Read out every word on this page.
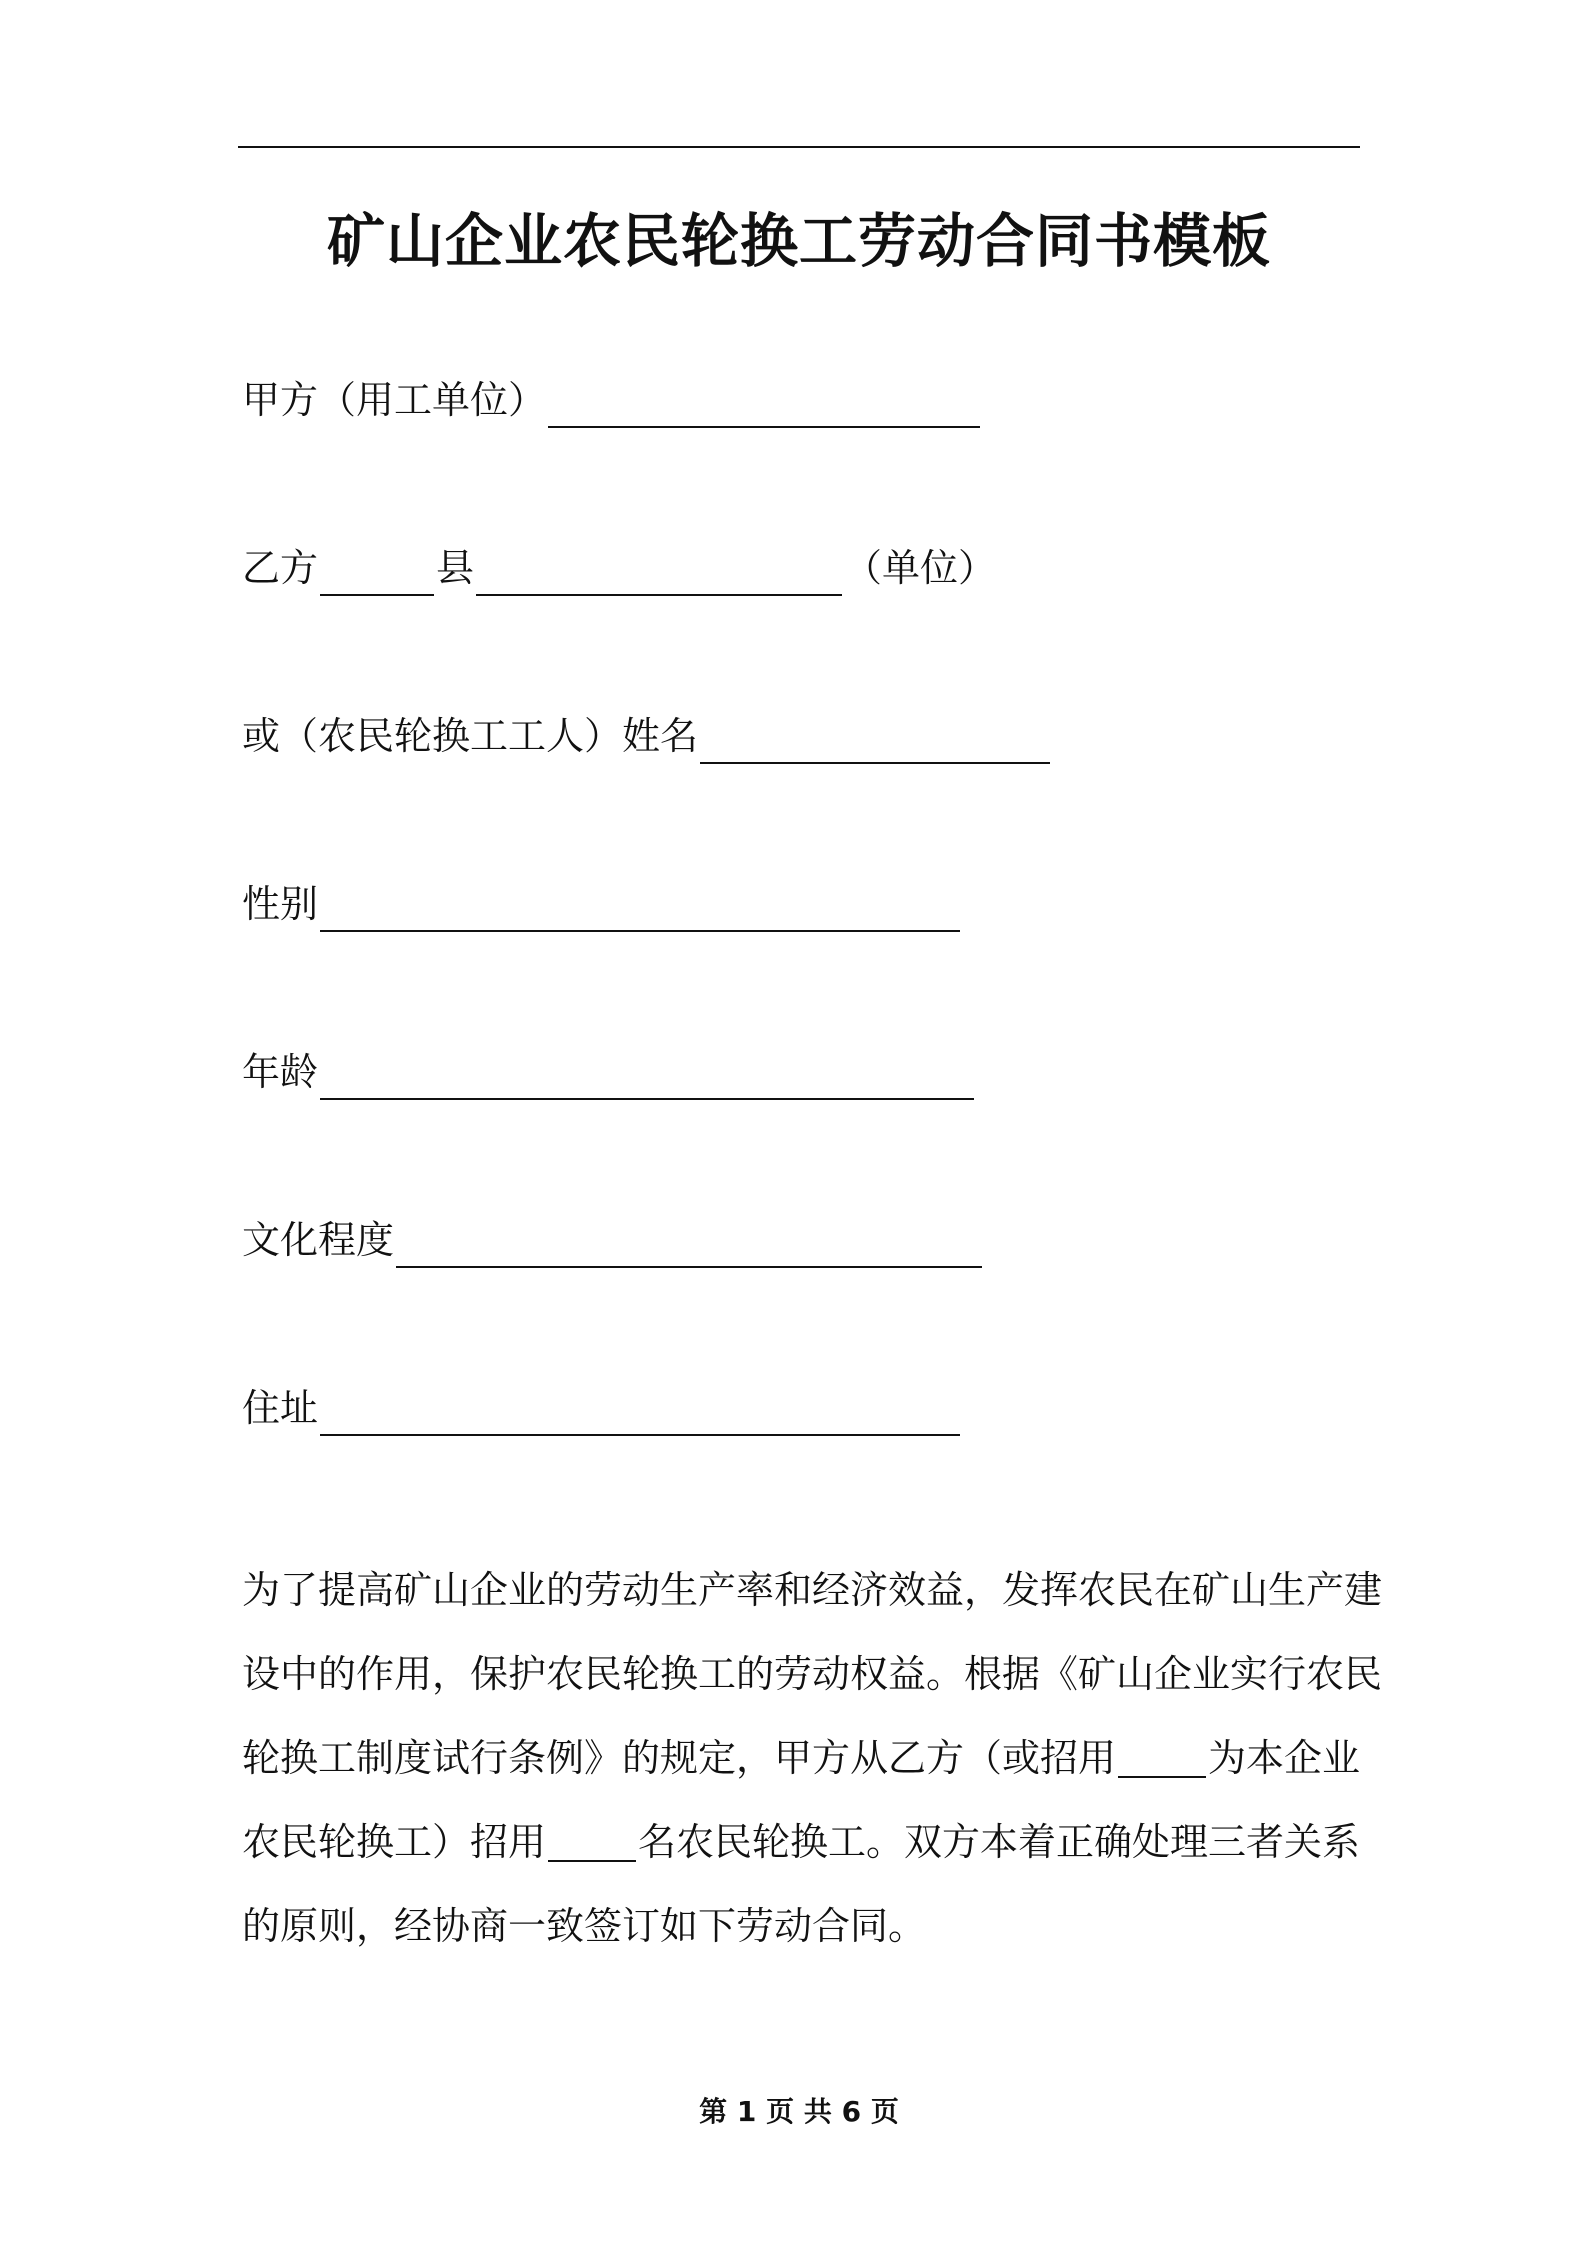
矿山企业农民轮换工劳动合同书模板
甲方（用工单位）
乙方	县	（单位）
或（农民轮换工工人）姓名
性别
年龄
文化程度
住址
为了提高矿山企业的劳动生产率和经济效益，发挥农民在矿山生产建
设中的作用，保护农民轮换工的劳动权益。根据《矿山企业实行农民
轮换工制度试行条例》的规定，甲方从乙方（或招用 为本企业
农民轮换工）招用 名农民轮换工。双方本着正确处理三者关系
的原则，经协商一致签订如下劳动合同。
第 1 页 共 6 页
